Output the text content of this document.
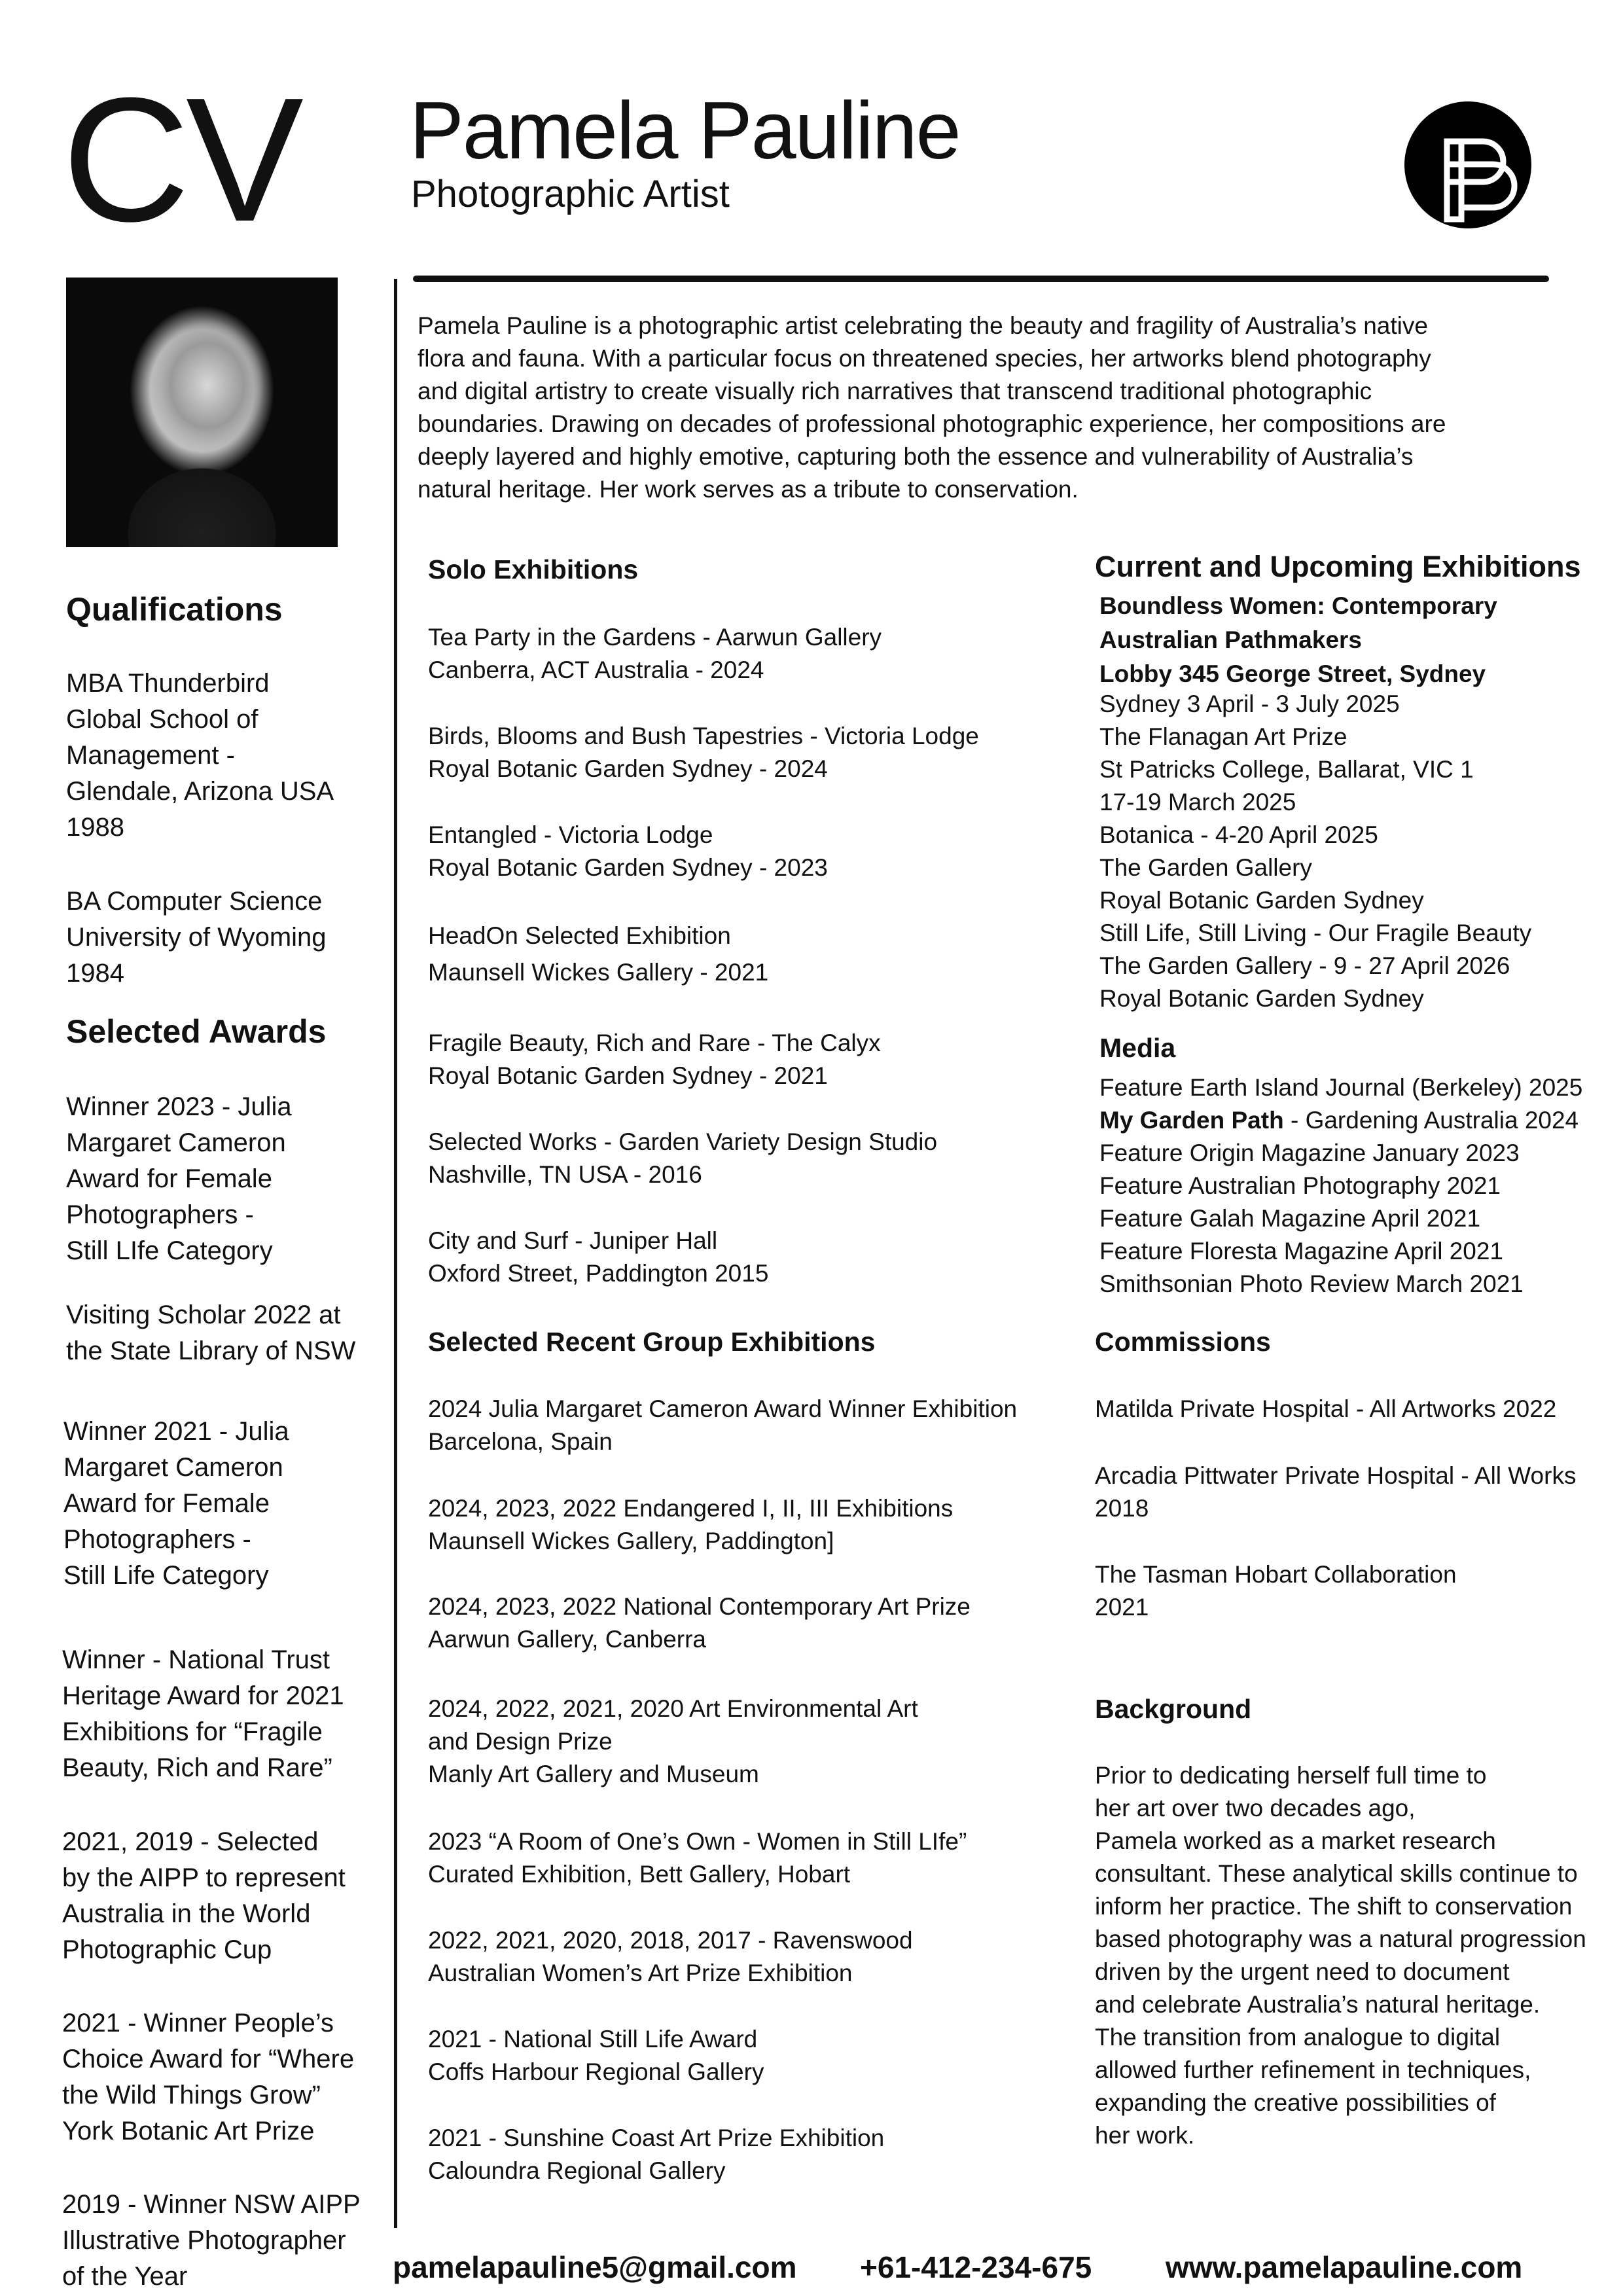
CV Pamela Pauline
Photographic Artist
Pamela Pauline is a photographic artist celebrating the beauty and fragility of Australia’s native
flora and fauna. With a particular focus on threatened species, her artworks blend photography
and digital artistry to create visually rich narratives that transcend traditional photographic
boundaries. Drawing on decades of professional photographic experience, her compositions are
deeply layered and highly emotive, capturing both the essence and vulnerability of Australia’s
natural heritage. Her work serves as a tribute to conservation.
Qualifications
MBA Thunderbird
Global School of
Management -
Glendale, Arizona USA
1988
BA Computer Science
University of Wyoming
1984
Selected Awards
Winner 2023 - Julia
Margaret Cameron
Award for Female
Photographers -
Still LIfe Category
Visiting Scholar 2022 at
the State Library of NSW
Winner 2021 - Julia
Margaret Cameron
Award for Female
Photographers -
Still Life Category
Winner - National Trust
Heritage Award for 2021
Exhibitions for “Fragile
Beauty, Rich and Rare”
2021, 2019 - Selected
by the AIPP to represent
Australia in the World
Photographic Cup
2021 - Winner People’s
Choice Award for “Where
the Wild Things Grow”
York Botanic Art Prize
2019 - Winner NSW AIPP
Illustrative Photographer
of the Year
Solo Exhibitions
Tea Party in the Gardens - Aarwun Gallery
Canberra, ACT Australia - 2024
Birds, Blooms and Bush Tapestries - Victoria Lodge
Royal Botanic Garden Sydney - 2024
Entangled - Victoria Lodge
Royal Botanic Garden Sydney - 2023
HeadOn Selected Exhibition
Maunsell Wickes Gallery - 2021
Fragile Beauty, Rich and Rare - The Calyx
Royal Botanic Garden Sydney - 2021
Selected Works - Garden Variety Design Studio
Nashville, TN USA - 2016
City and Surf - Juniper Hall
Oxford Street, Paddington 2015
Selected Recent Group Exhibitions
2024 Julia Margaret Cameron Award Winner Exhibition
Barcelona, Spain
2024, 2023, 2022 Endangered I, II, III Exhibitions
Maunsell Wickes Gallery, Paddington]
2024, 2023, 2022 National Contemporary Art Prize
Aarwun Gallery, Canberra
2024, 2022, 2021, 2020 Art Environmental Art
and Design Prize
Manly Art Gallery and Museum
2023 “A Room of One’s Own - Women in Still LIfe”
Curated Exhibition, Bett Gallery, Hobart
2022, 2021, 2020, 2018, 2017 - Ravenswood
Australian Women’s Art Prize Exhibition
2021 - National Still Life Award
Coffs Harbour Regional Gallery
2021 - Sunshine Coast Art Prize Exhibition
Caloundra Regional Gallery
Current and Upcoming Exhibitions
Boundless Women: Contemporary
Australian Pathmakers
Lobby 345 George Street, Sydney
Sydney 3 April - 3 July 2025
The Flanagan Art Prize
St Patricks College, Ballarat, VIC 1
17-19 March 2025
Botanica - 4-20 April 2025
The Garden Gallery
Royal Botanic Garden Sydney
Still Life, Still Living - Our Fragile Beauty
The Garden Gallery - 9 - 27 April 2026
Royal Botanic Garden Sydney
Media
Feature Earth Island Journal (Berkeley) 2025
My Garden Path - Gardening Australia 2024
Feature Origin Magazine January 2023
Feature Australian Photography 2021
Feature Galah Magazine April 2021
Feature Floresta Magazine April 2021
Smithsonian Photo Review March 2021
Commissions
Matilda Private Hospital - All Artworks 2022
Arcadia Pittwater Private Hospital - All Works
2018
The Tasman Hobart Collaboration
2021
Background
Prior to dedicating herself full time to
her art over two decades ago,
Pamela worked as a market research
consultant. These analytical skills continue to
inform her practice. The shift to conservation
based photography was a natural progression
driven by the urgent need to document
and celebrate Australia’s natural heritage.
The transition from analogue to digital
allowed further refinement in techniques,
expanding the creative possibilities of
her work.
pamelapauline5@gmail.com +61-412-234-675 www.pamelapauline.com
